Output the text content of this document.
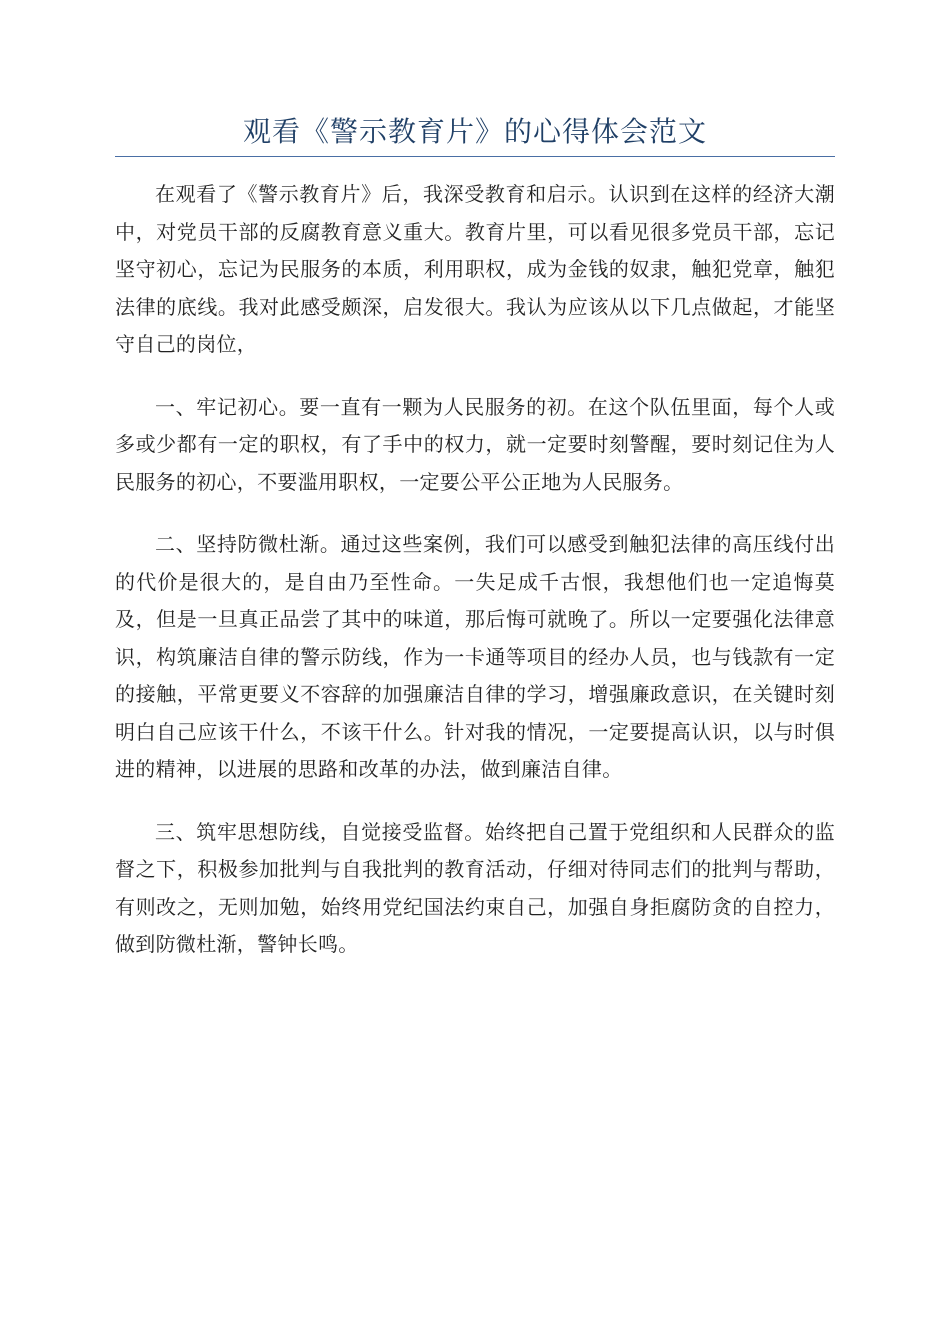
观看《警示教育片》的心得体会范文

在观看了《警示教育片》后，我深受教育和启示。认识到在这样的经济大潮中，对党员干部的反腐教育意义重大。教育片里，可以看见很多党员干部，忘记坚守初心，忘记为民服务的本质，利用职权，成为金钱的奴隶，触犯党章，触犯法律的底线。我对此感受颇深，启发很大。我认为应该从以下几点做起，才能坚守自己的岗位，

一、牢记初心。要一直有一颗为人民服务的初。在这个队伍里面，每个人或多或少都有一定的职权，有了手中的权力，就一定要时刻警醒，要时刻记住为人民服务的初心，不要滥用职权，一定要公平公正地为人民服务。

二、坚持防微杜渐。通过这些案例，我们可以感受到触犯法律的高压线付出的代价是很大的，是自由乃至性命。一失足成千古恨，我想他们也一定追悔莫及，但是一旦真正品尝了其中的味道，那后悔可就晚了。所以一定要强化法律意识，构筑廉洁自律的警示防线，作为一卡通等项目的经办人员，也与钱款有一定的接触，平常更要义不容辞的加强廉洁自律的学习，增强廉政意识，在关键时刻明白自己应该干什么，不该干什么。针对我的情况，一定要提高认识，以与时俱进的精神，以进展的思路和改革的办法，做到廉洁自律。

三、筑牢思想防线，自觉接受监督。始终把自己置于党组织和人民群众的监督之下，积极参加批判与自我批判的教育活动，仔细对待同志们的批判与帮助，有则改之，无则加勉，始终用党纪国法约束自己，加强自身拒腐防贪的自控力，做到防微杜渐，警钟长鸣。
